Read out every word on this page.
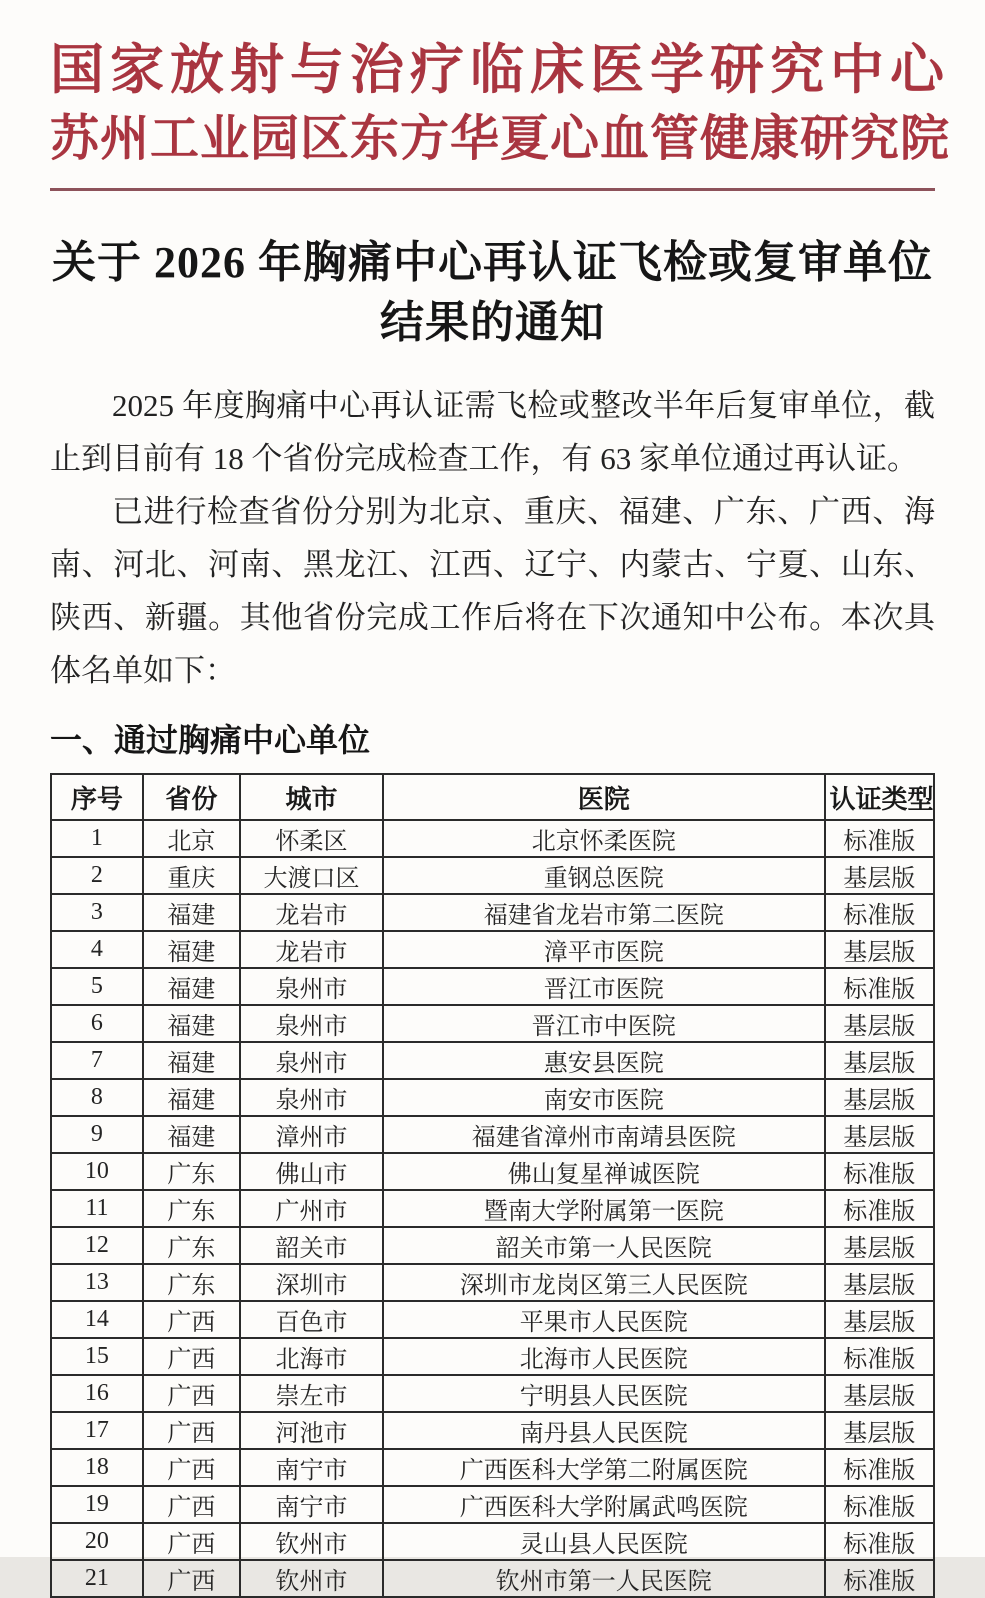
国家放射与治疗临床医学研究中心
苏州工业园区东方华夏心血管健康研究院
关于 2026 年胸痛中心再认证飞检或复审单位结果的通知

2025 年度胸痛中心再认证需飞检或整改半年后复审单位，截止到目前有 18 个省份完成检查工作，有 63 家单位通过再认证。

已进行检查省份分别为北京、重庆、福建、广东、广西、海南、河北、河南、黑龙江、江西、辽宁、内蒙古、宁夏、山东、陕西、新疆。其他省份完成工作后将在下次通知中公布。本次具体名单如下：

一、通过胸痛中心单位
序号	省份	城市	医院	认证类型
1	北京	怀柔区	北京怀柔医院	标准版
2	重庆	大渡口区	重钢总医院	基层版
3	福建	龙岩市	福建省龙岩市第二医院	标准版
4	福建	龙岩市	漳平市医院	基层版
5	福建	泉州市	晋江市医院	标准版
6	福建	泉州市	晋江市中医院	基层版
7	福建	泉州市	惠安县医院	基层版
8	福建	泉州市	南安市医院	基层版
9	福建	漳州市	福建省漳州市南靖县医院	基层版
10	广东	佛山市	佛山复星禅诚医院	标准版
11	广东	广州市	暨南大学附属第一医院	标准版
12	广东	韶关市	韶关市第一人民医院	基层版
13	广东	深圳市	深圳市龙岗区第三人民医院	基层版
14	广西	百色市	平果市人民医院	基层版
15	广西	北海市	北海市人民医院	标准版
16	广西	崇左市	宁明县人民医院	基层版
17	广西	河池市	南丹县人民医院	基层版
18	广西	南宁市	广西医科大学第二附属医院	标准版
19	广西	南宁市	广西医科大学附属武鸣医院	标准版
20	广西	钦州市	灵山县人民医院	标准版
21	广西	钦州市	钦州市第一人民医院	标准版
